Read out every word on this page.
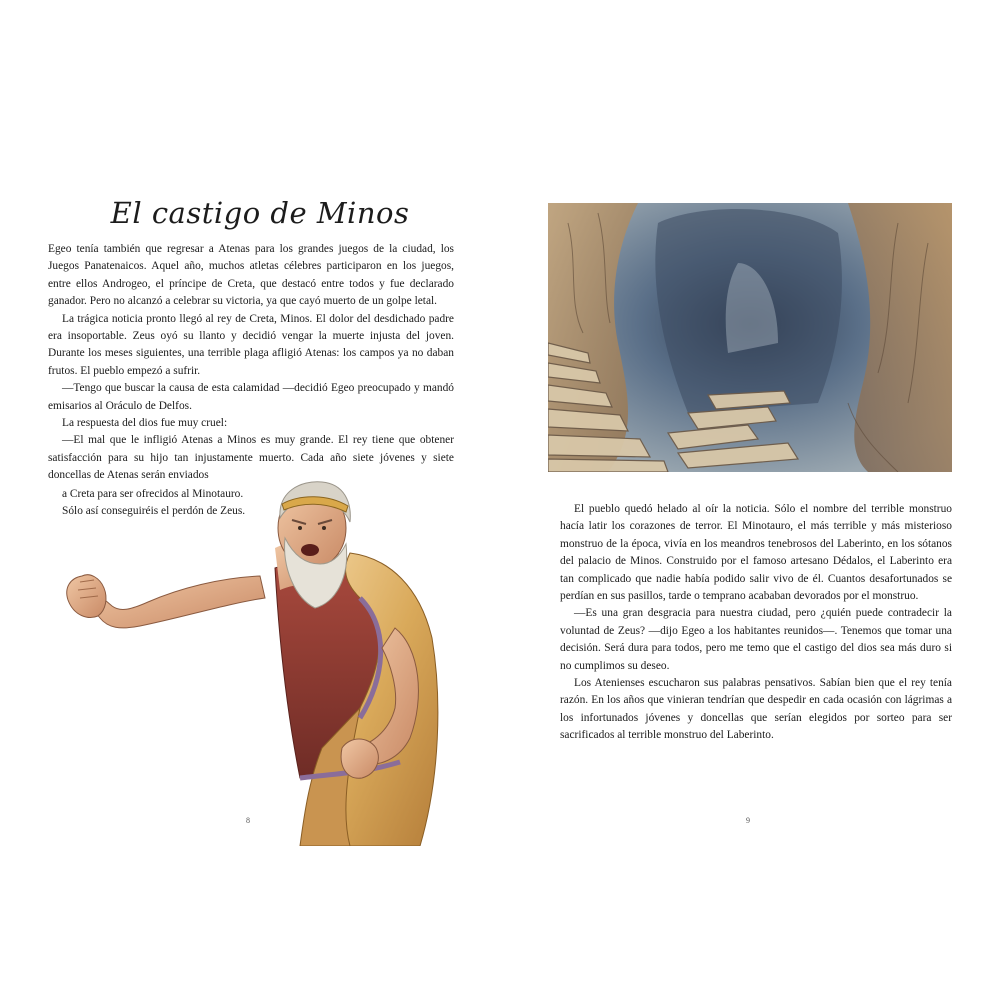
El castigo de Minos

Egeo tenía también que regresar a Atenas para los grandes juegos de la ciudad, los Juegos Panatenaicos. Aquel año, muchos atletas célebres participaron en los juegos, entre ellos Androgeo, el príncipe de Creta, que destacó entre todos y fue declarado ganador. Pero no alcanzó a celebrar su victoria, ya que cayó muerto de un golpe letal.

La trágica noticia pronto llegó al rey de Creta, Minos. El dolor del desdichado padre era insoportable. Zeus oyó su llanto y decidió vengar la muerte injusta del joven. Durante los meses siguientes, una terrible plaga afligió Atenas: los campos ya no daban frutos. El pueblo empezó a sufrir.

—Tengo que buscar la causa de esta calamidad —decidió Egeo preocupado y mandó emisarios al Oráculo de Delfos.

La respuesta del dios fue muy cruel:

—El mal que le infligió Atenas a Minos es muy grande. El rey tiene que obtener satisfacción para su hijo tan injustamente muerto. Cada año siete jóvenes y siete doncellas de Atenas serán enviados

a Creta para ser ofrecidos al Minotauro.

Sólo así conseguiréis el perdón de Zeus.

8

El pueblo quedó helado al oír la noticia. Sólo el nombre del terrible monstruo hacía latir los corazones de terror. El Minotauro, el más terrible y más misterioso monstruo de la época, vivía en los meandros tenebrosos del Laberinto, en los sótanos del palacio de Minos. Construido por el famoso artesano Dédalos, el Laberinto era tan complicado que nadie había podido salir vivo de él. Cuantos desafortunados se perdían en sus pasillos, tarde o temprano acababan devorados por el monstruo.

—Es una gran desgracia para nuestra ciudad, pero ¿quién puede contradecir la voluntad de Zeus? —dijo Egeo a los habitantes reunidos—. Tenemos que tomar una decisión. Será dura para todos, pero me temo que el castigo del dios sea más duro si no cumplimos su deseo.

Los Atenienses escucharon sus palabras pensativos. Sabían bien que el rey tenía razón. En los años que vinieran tendrían que despedir en cada ocasión con lágrimas a los infortunados jóvenes y doncellas que serían elegidos por sorteo para ser sacrificados al terrible monstruo del Laberinto.

9
